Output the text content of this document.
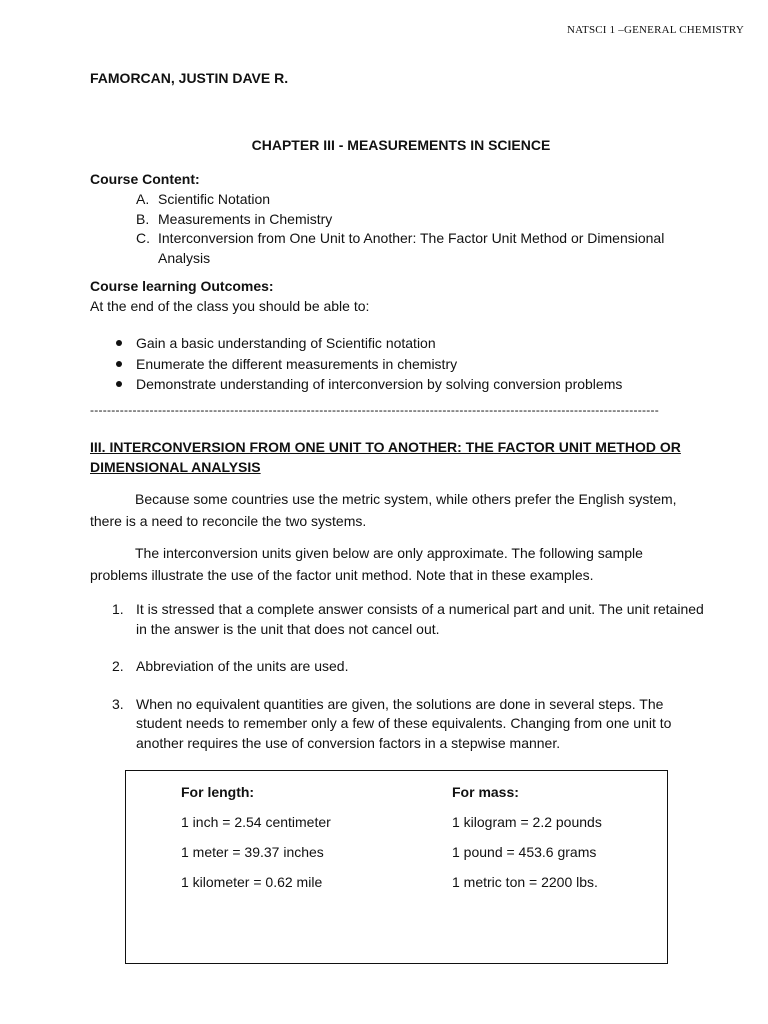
NATSCI 1 –GENERAL CHEMISTRY
FAMORCAN, JUSTIN DAVE R.
CHAPTER III - MEASUREMENTS IN SCIENCE
Course Content:
A. Scientific Notation
B. Measurements in Chemistry
C. Interconversion from One Unit to Another: The Factor Unit Method or Dimensional Analysis
Course learning Outcomes:
At the end of the class you should be able to:
Gain a basic understanding of Scientific notation
Enumerate the different measurements in chemistry
Demonstrate understanding of interconversion by solving conversion problems
--------------------------------------------------------------------------------------------------------------------------------------
III. INTERCONVERSION FROM ONE UNIT TO ANOTHER: THE FACTOR UNIT METHOD OR DIMENSIONAL ANALYSIS
Because some countries use the metric system, while others prefer the English system, there is a need to reconcile the two systems.
The interconversion units given below are only approximate. The following sample problems illustrate the use of the factor unit method. Note that in these examples.
1. It is stressed that a complete answer consists of a numerical part and unit. The unit retained in the answer is the unit that does not cancel out.
2. Abbreviation of the units are used.
3. When no equivalent quantities are given, the solutions are done in several steps. The student needs to remember only a few of these equivalents. Changing from one unit to another requires the use of conversion factors in a stepwise manner.
For length:
1 inch = 2.54 centimeter
1 meter = 39.37 inches
1 kilometer = 0.62 mile
For mass:
1 kilogram = 2.2 pounds
1 pound = 453.6 grams
1 metric ton = 2200 lbs.
